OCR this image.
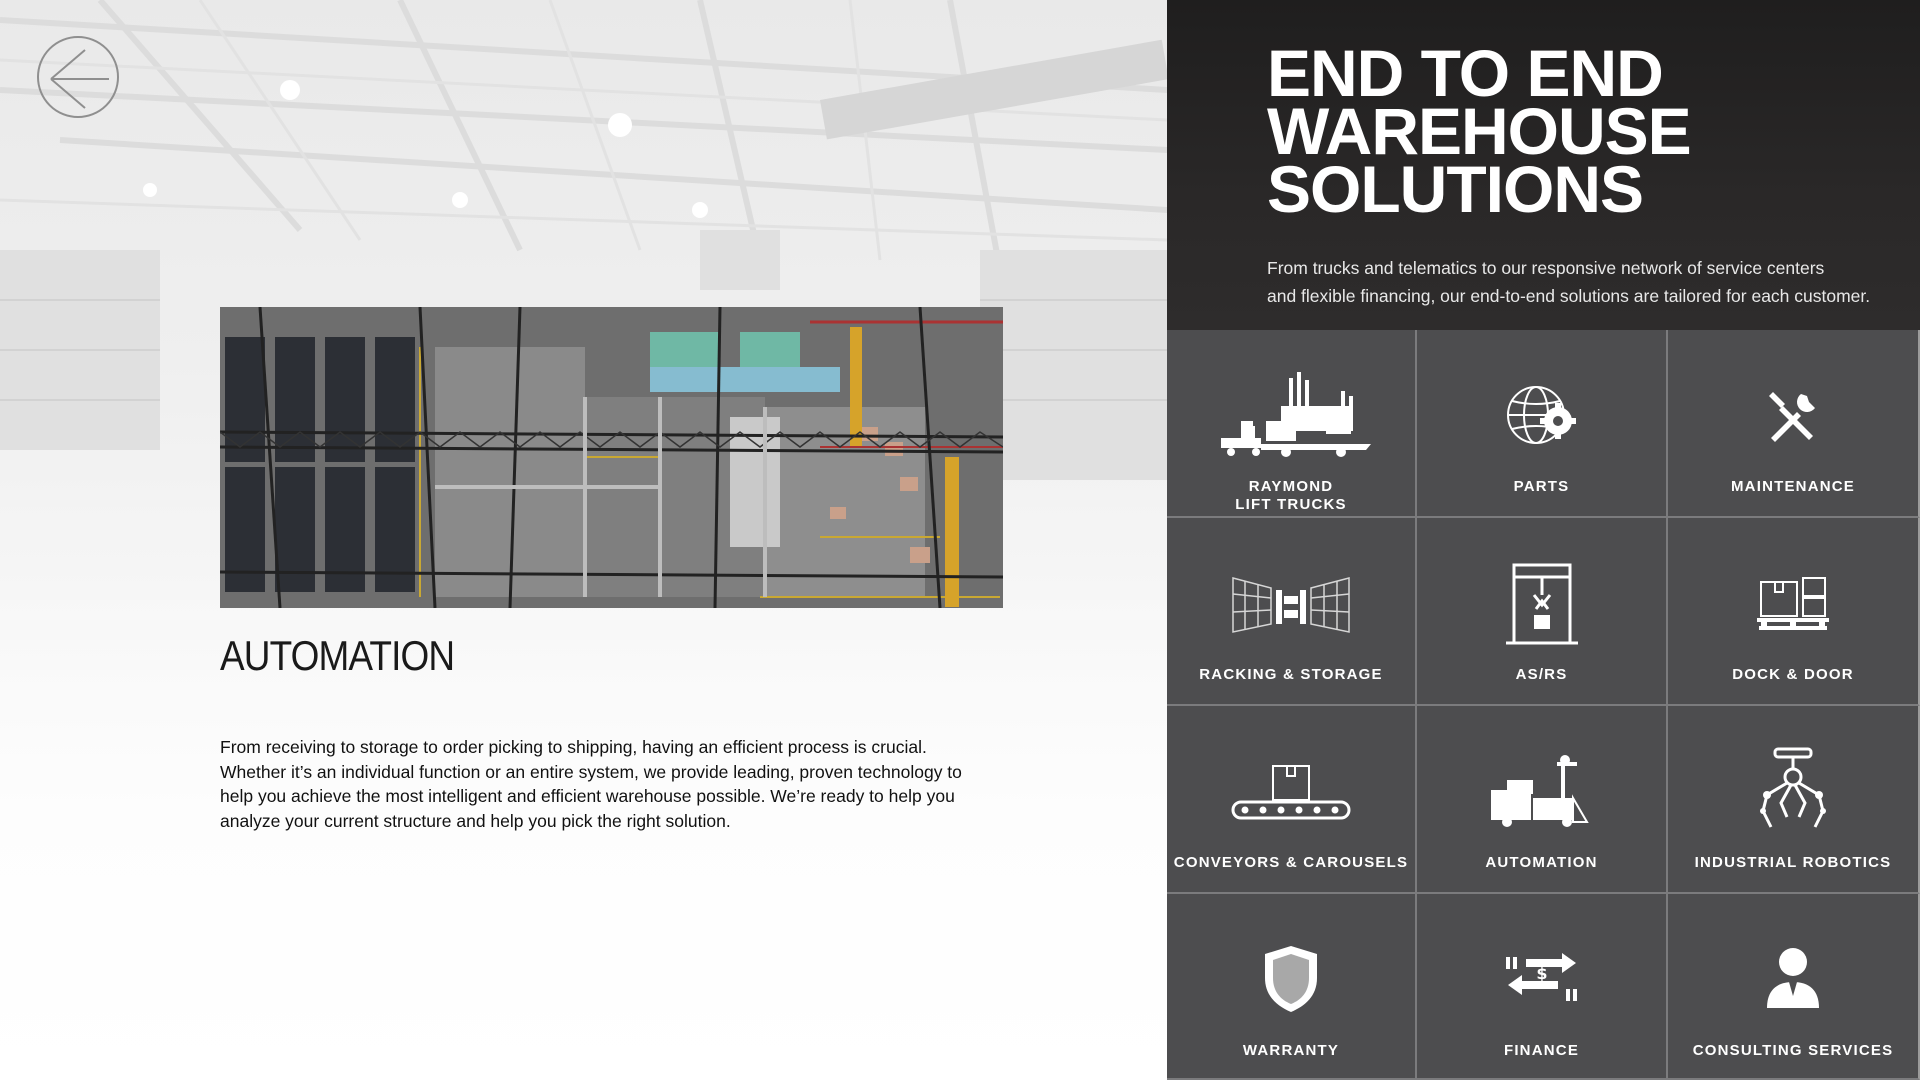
AUTOMATION

From receiving to storage to order picking to shipping, having an efficient process is crucial. Whether it’s an individual function or an entire system, we provide leading, proven technology to help you achieve the most intelligent and efficient warehouse possible. We’re ready to help you analyze your current structure and help you pick the right solution.

END TO END
WAREHOUSE
SOLUTIONS

From trucks and telematics to our responsive network of service centers
and flexible financing, our end-to-end solutions are tailored for each customer.

RAYMOND
LIFT TRUCKS
PARTS	MAINTENANCE
RACKING & STORAGE	AS/RS	DOCK & DOOR
CONVEYORS & CAROUSELS	AUTOMATION	INDUSTRIAL ROBOTICS
WARRANTY
$
FINANCE	CONSULTING SERVICES
